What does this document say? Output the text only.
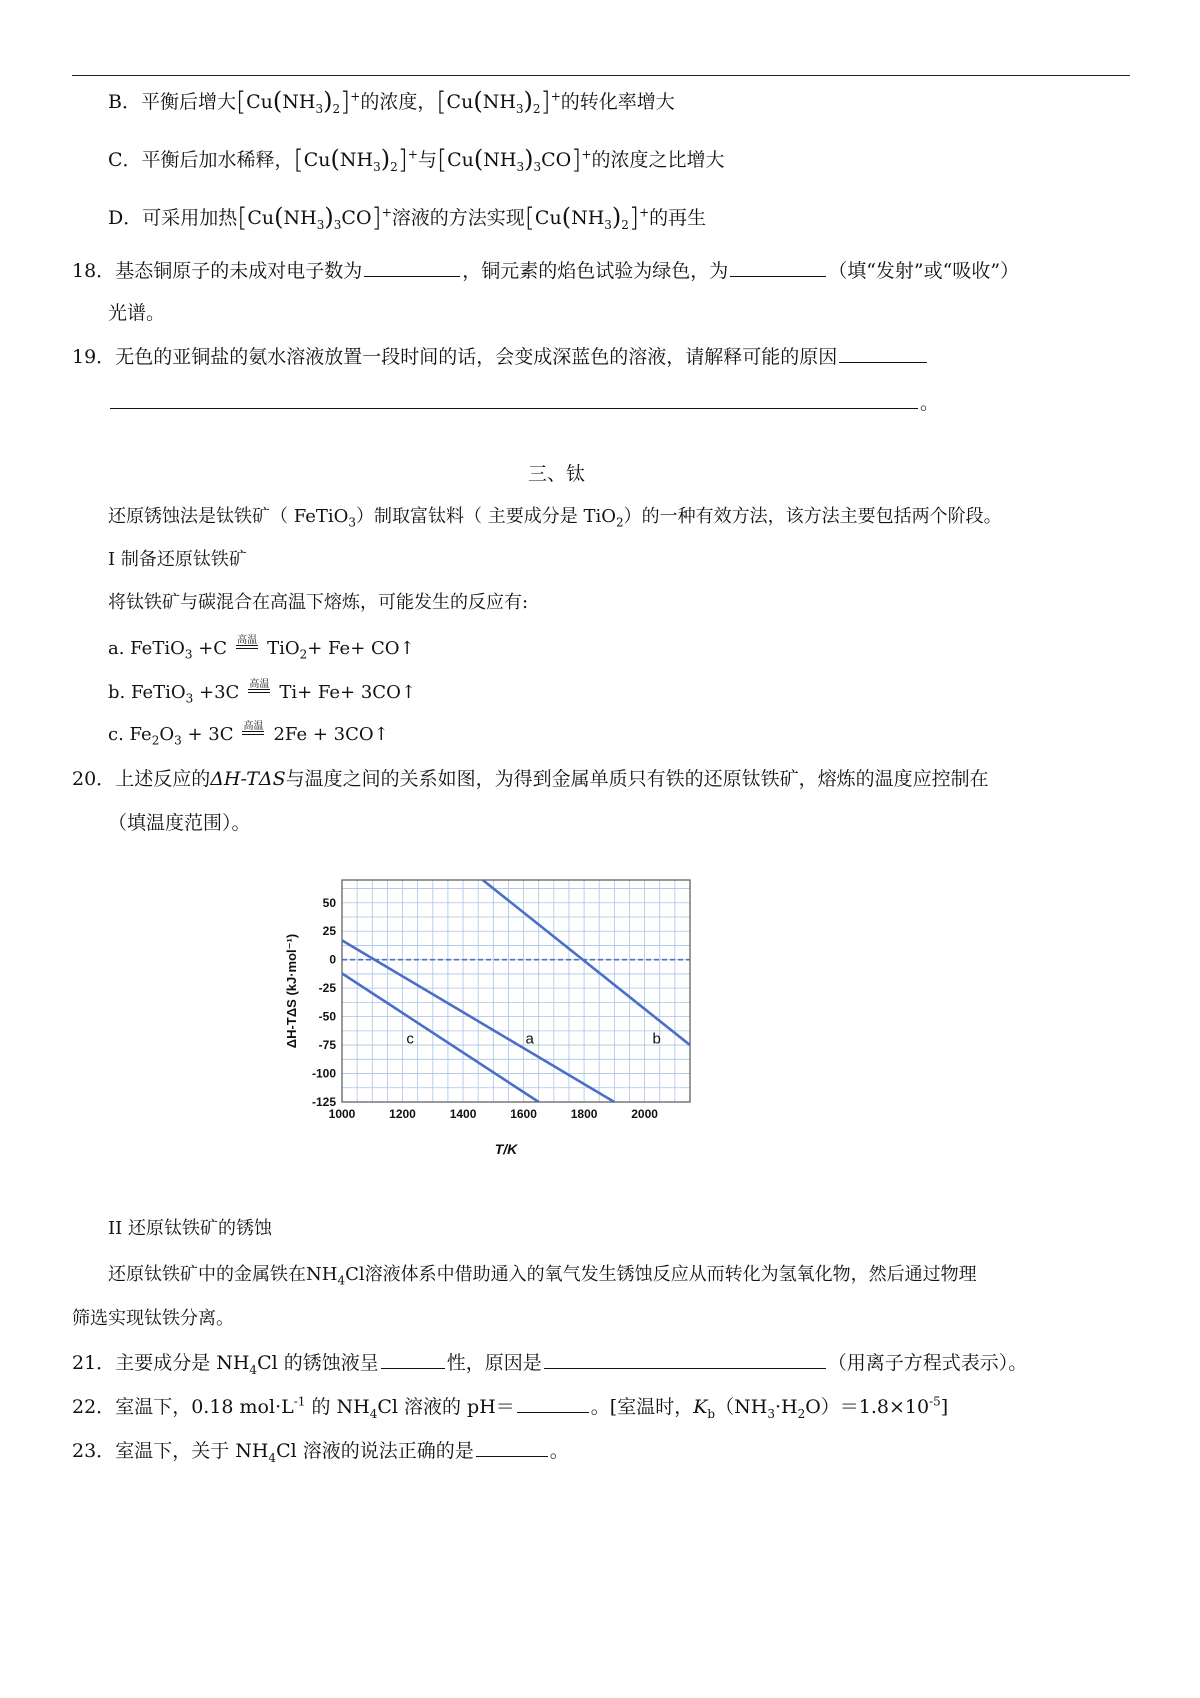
B．平衡后增大$[Cu(NH_3)_2]^+$的浓度，$[Cu(NH_3)_2]^+$的转化率增大
C．平衡后加水稀释，$[Cu(NH_3)_2]^+$与$[Cu(NH_3)_3CO]^+$的浓度之比增大
D．可采用加热$[Cu(NH_3)_3CO]^+$溶液的方法实现$[Cu(NH_3)_2]^+$的再生
18．基态铜原子的未成对电子数为	，铜元素的焰色试验为绿色，为	（填“发射”或“吸收”）
光谱。
19．无色的亚铜盐的氨水溶液放置一段时间的话，会变成深蓝色的溶液，请解释可能的原因
。
三、钛
还原锈蚀法是钛铁矿（ FeTiO$_3$）制取富钛料（ 主要成分是 TiO$_2$）的一种有效方法，该方法主要包括两个阶段。
I 制备还原钛铁矿
将钛铁矿与碳混合在高温下熔炼，可能发生的反应有:
a. FeTiO$_3$ +C 高温 TiO$_2$+ Fe+ CO↑
b. FeTiO$_3$ +3C 高温 Ti+ Fe+ 3CO↑
c. $Fe_2O_3 + 3C$ 高温 2Fe + 3CO↑
20．上述反应的ΔH-TΔS与温度之间的关系如图，为得到金属单质只有铁的还原钛铁矿，熔炼的温度应控制在
（填温度范围）。
50
25
0
-25
-50
-75
-100
-125
1000	1200	1400	1600	1800	2000
c	a	b
ΔH-TΔS (kJ·mol⁻¹)
T/K
II 还原钛铁矿的锈蚀
还原钛铁矿中的金属铁在$NH_4Cl$溶液体系中借助通入的氧气发生锈蚀反应从而转化为氢氧化物，然后通过物理
筛选实现钛铁分离。
21．主要成分是 $NH_4Cl$ 的锈蚀液呈	性，原因是	（用离子方程式表示）。
22．室温下，0.18 $mol\cdot L^{-1}$ 的 $NH_4Cl$ 溶液的 pH＝	。[室温时，$K_b(NH_3\cdot H_2O)=1.8\times 10^{-5}$]
23．室温下，关于 $NH_4Cl$ 溶液的说法正确的是	。
